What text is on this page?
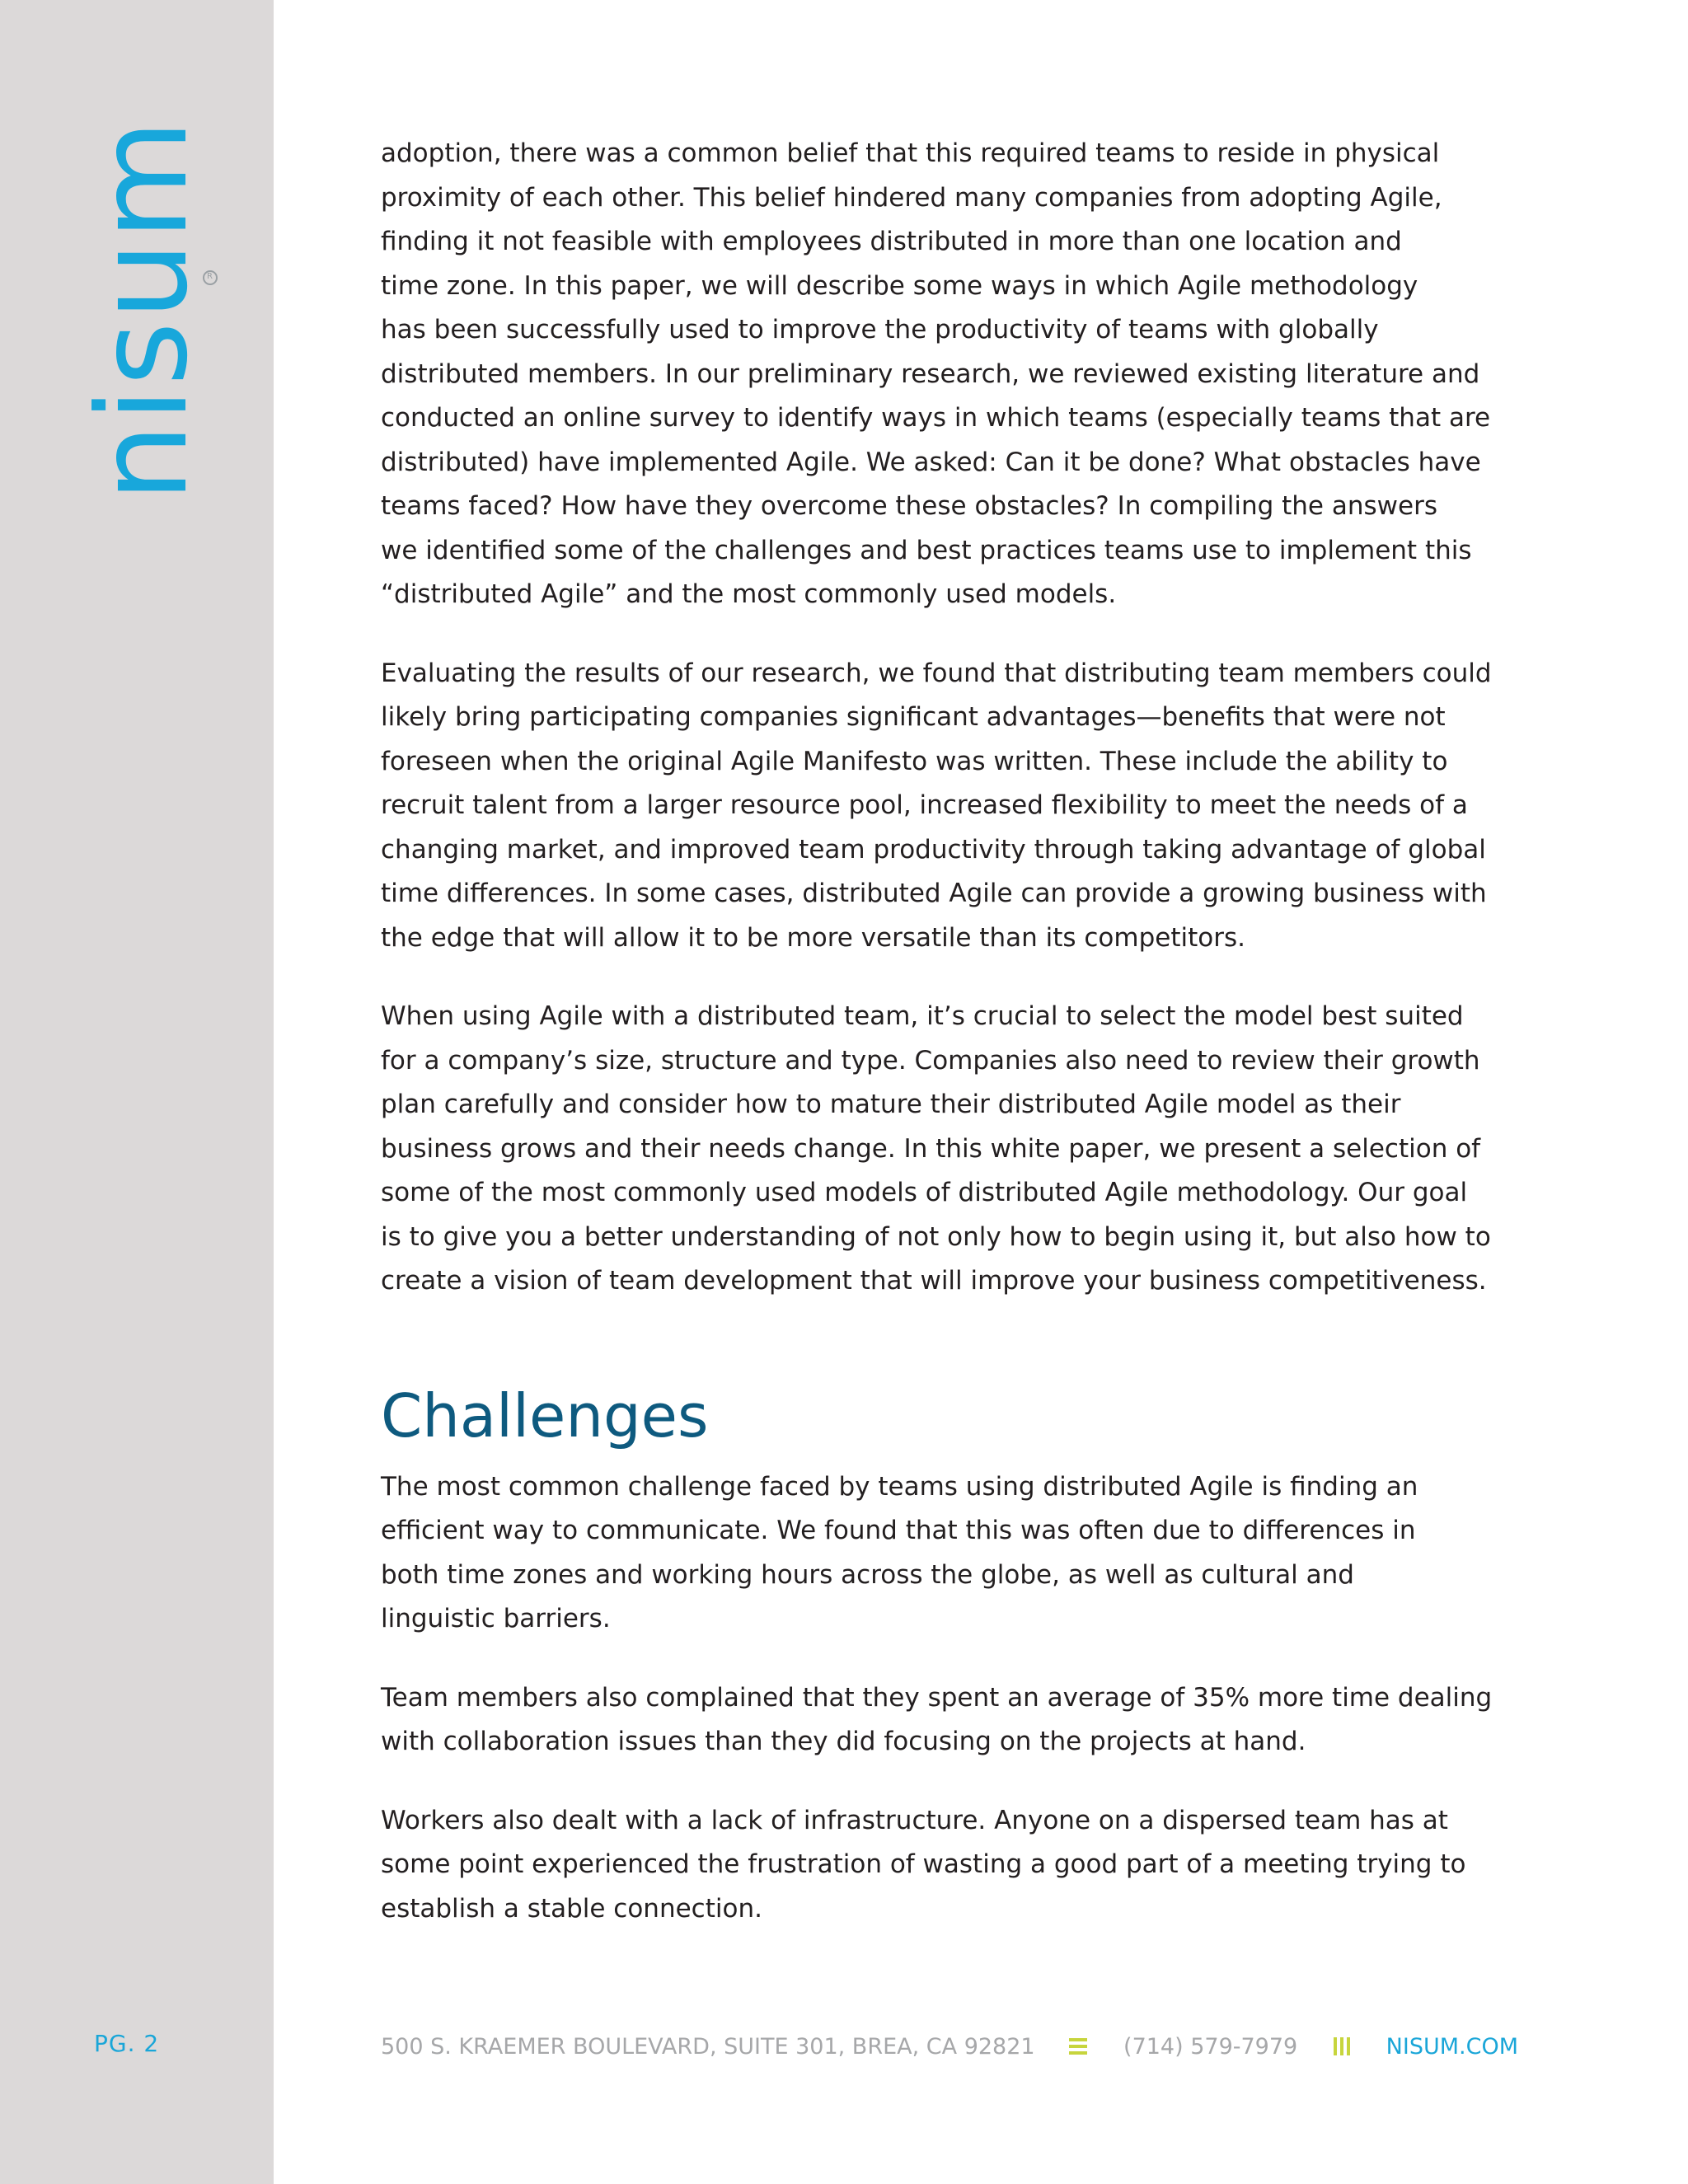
nisum
R
PG. 2

adoption, there was a common belief that this required teams to reside in physical
proximity of each other. This belief hindered many companies from adopting Agile,
finding it not feasible with employees distributed in more than one location and
time zone. In this paper, we will describe some ways in which Agile methodology
has been successfully used to improve the productivity of teams with globally
distributed members. In our preliminary research, we reviewed existing literature and
conducted an online survey to identify ways in which teams (especially teams that are
distributed) have implemented Agile. We asked: Can it be done? What obstacles have
teams faced? How have they overcome these obstacles? In compiling the answers
we identified some of the challenges and best practices teams use to implement this
“distributed Agile” and the most commonly used models.

Evaluating the results of our research, we found that distributing team members could
likely bring participating companies significant advantages—benefits that were not
foreseen when the original Agile Manifesto was written. These include the ability to
recruit talent from a larger resource pool, increased flexibility to meet the needs of a
changing market, and improved team productivity through taking advantage of global
time differences. In some cases, distributed Agile can provide a growing business with
the edge that will allow it to be more versatile than its competitors.

When using Agile with a distributed team, it’s crucial to select the model best suited
for a company’s size, structure and type. Companies also need to review their growth
plan carefully and consider how to mature their distributed Agile model as their
business grows and their needs change. In this white paper, we present a selection of
some of the most commonly used models of distributed Agile methodology. Our goal
is to give you a better understanding of not only how to begin using it, but also how to
create a vision of team development that will improve your business competitiveness.

Challenges

The most common challenge faced by teams using distributed Agile is finding an
efficient way to communicate. We found that this was often due to differences in
both time zones and working hours across the globe, as well as cultural and
linguistic barriers.

Team members also complained that they spent an average of 35% more time dealing
with collaboration issues than they did focusing on the projects at hand.

Workers also dealt with a lack of infrastructure. Anyone on a dispersed team has at
some point experienced the frustration of wasting a good part of a meeting trying to
establish a stable connection.

500 S. KRAEMER BOULEVARD, SUITE 301, BREA, CA 92821	(714) 579-7979	NISUM.COM
